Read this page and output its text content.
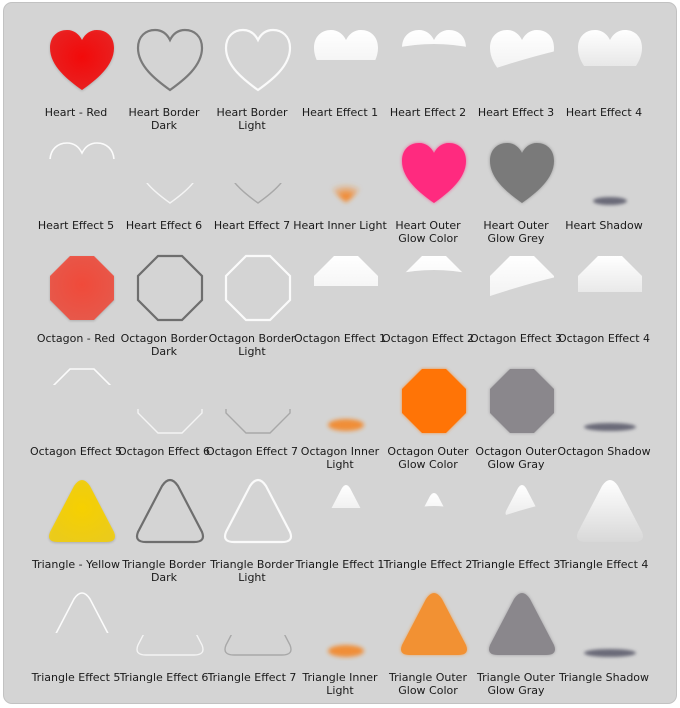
Heart - Red	Heart Border Dark
Heart Border Light
Heart Effect 1	Heart Effect 2	Heart Effect 3	Heart Effect 4
Heart Effect 5	Heart Effect 6	Heart Effect 7 Heart Inner Light Heart Outer Glow Color
Heart Outer Glow Grey
Heart Shadow
Octagon - Red Octagon Border Dark
Octagon Border Light
Octagon Effect 1
Octagon Effect 2
Octagon Effect 3
Octagon Effect 4
Octagon Effect 5
Octagon Effect 6
Octagon Effect 7 Octagon Inner Light
Octagon Outer Glow Color
Octagon Outer Glow Gray
Octagon Shadow
Triangle - Yellow Triangle Border Dark
Triangle Border Light
Triangle Effect 1 Triangle Effect 2 Triangle Effect 3 Triangle Effect 4
Triangle Effect 5 Triangle Effect 6 Triangle Effect 7 Triangle Inner Light
Triangle Outer Glow Color
Triangle Outer Glow Gray
Triangle Shadow
